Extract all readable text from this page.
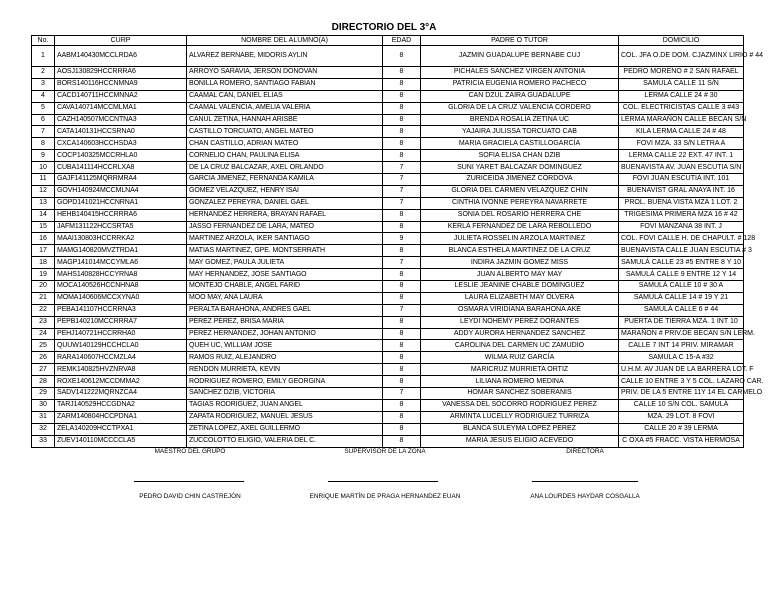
DIRECTORIO DEL 3°A
No.	CURP	NOMBRE DEL ALUMNO(A)	EDAD	PADRE O TUTOR	DOMICILIO
1	AABM140430MCCLRDA6	ALVAREZ BERNABE, MIDORIS AYLIN	8	JAZMIN GUADALUPE BERNABE CUJ	COL. JFA O.DE DOM. CJAZMINX LIRIO # 44
2	AOSJ130829HCCRRRA6	ARROYO SARAVIA, JERSON DONOVAN	8	PICHALES SANCHEZ VIRGEN ANTONIA	PEDRO MORENO # 2 SAN RAFAEL
3	BORS140116HCCNMNA9	BONILLA ROMERO, SANTIAGO FABIAN	8	PATRICIA EUGENIA ROMERO PACHECO	SAMULÁ CALLE 11 S/N
4	CACD140711HCCMNNA2	CAAMAL CAN, DANIEL ELIAS	8	CAN DZUL ZAIRA GUADALUPE	LERMA CALLE 24 # 30
5	CAVA140714MCCMLMA1	CAAMAL VALENCIA, AMELIA VALERIA	8	GLORIA DE LA CRUZ VALENCIA CORDERO	COL. ELECTRICISTAS CALLE 3 #43
6	CAZH140507MCCNTNA3	CANUL ZETINA, HANNAH ARISBE	8	BRENDA ROSALÍA ZETINA UC	LERMA MARAÑON CALLE BECAN S/N
7	CATA140131HCCSRNA0	CASTILLO TORCUATO, ANGEL MATEO	8	YAJAIRA JULISSA TORCUATO CAB	KILA LERMA CALLE 24 # 48
8	CXCA140603HCCHSDA3	CHAN CASTILLO, ADRIAN MATEO	8	MARIA GRACIELA CASTILLOGARCÍA	FOVI MZA. 33 S/N LETRA A
9	COCP140325MCCRHLA0	CORNELIO CHAN, PAULINA ELISA	8	SOFIA ELISA CHAN DZIB	LERMA CALLE 22 EXT. 47 INT. 1
10	CUBA141114HCCRLXA8	DE LA CRUZ BALCAZAR, AXEL ORLANDO	7	SUNI YARET BALCAZAR DOMINGUEZ	BUENAVISTA AV. JUAN ESCUTIA S/N
11	GAJF141125MQRRMRA4	GARCIA JIMENEZ, FERNANDA KAMILA	7	ZURICEIDA JIMENEZ CÓRDOVA	FOVI JUAN ESCUTIA INT. 101
12	GOVH140924MCCMLNA4	GOMEZ VELAZQUEZ, HENRY ISAI	7	GLORIA DEL CARMEN VELAZQUEZ CHIN	BUENAVIST GRAL ANAYA INT. 16
13	GOPD141021HCCNRNA1	GONZALEZ PEREYRA, DANIEL GAEL	7	CINTHIA IVONNE PEREYRA NAVARRETE	PROL. BUENA VISTA MZA 1 LOT. 2
14	HEHB140415HCCRRRA6	HERNANDEZ HERRERA, BRAYAN RAFAEL	8	SONIA DEL ROSARIO HERRERA CHE	TRIGESIMA PRIMERA MZA 16 # 42
15	JAFM131122HCCSRTA5	JASSO FERNANDEZ DE LARA, MATEO	8	KERLA FERNANDEZ DE LARA REBOLLEDO	FOVI MANZANA 38 INT. J
16	MAAI130803HCCRRKA2	MARTINEZ ARZOLA, IKER SANTIAGO	9	JULIETA ROSSELIN ARZOLA MARTINEZ	COL. FOVI CALLE H. DE CHAPULT. # 128
17	MAMG140820MVZTRDA1	MATIAS MARTINEZ, GPE. MONTSERRATH	8	BLANCA ESTHELA MARTINEZ DE LA CRUZ	BUENAVISTA CALLE JUAN ESCUTIA # 3
18	MAGP141014MCCYMLA6	MAY GOMEZ, PAULA JULIETA	7	INDIRA JAZMIN GOMEZ MISS	SAMULÁ CALLE 23 #5 ENTRE 8 Y 10
19	MAHS140828HCCYRNA8	MAY HERNANDEZ, JOSE SANTIAGO	8	JUAN ALBERTO MAY MAY	SAMULÁ CALLE 9 ENTRE 12 Y 14
20	MOCA140526HCCNHNA8	MONTEJO CHABLE, ANGEL FARID	8	LESLIE JEANINE CHABLE DOMINGUEZ	SAMULÁ CALLE 10 # 30 A
21	MOMA140606MCCXYNA0	MOO MAY, ANA LAURA	8	LAURA ELIZABETH MAY OLVERA	SAMULÁ CALLE 14 # 19 Y 21
22	PEBA141107HCCRRNA3	PERALTA BARAHONA, ANDRES GAEL	7	OSMARA VIRIDIANA BARAHONA AKÉ	SAMULÁ CALLE 6 # 44
23	PEPB140210MCCRRRA7	PEREZ PEREZ, BRISA MARIA	8	LEYDI NOHEMY PEREZ DORANTES	PUERTA DE TIERRA MZA. 1 INT 10
24	PEHJ140721HCCRRHA0	PÉREZ HERNÁNDEZ, JOHAN ANTONIO	8	ADDY AURORA HERNANDEZ SANCHEZ	MARAÑON # PRIV.DE BECAN S/N LERM.
25	QUUW140129HCCHCLA0	QUEH UC, WILLIAM JOSE	8	CAROLINA DEL CARMEN UC ZAMUDIO	CALLE 7 INT 14 PRIV. MIRAMAR
26	RARA140607HCCMZLA4	RAMOS RUIZ, ALEJANDRO	8	WILMA RUIZ GARCÍA	SAMULA C 15-A #32
27	REMK140825HVZNRVA8	RENDON MURRIETA, KEVIN	8	MARICRUZ MURRIETA ORTIZ	U.H.M. AV JUAN DE LA BARRERA LOT. F
28	ROXE140612MCCDMMA2	RODRIGUEZ ROMERO, EMILY GEORGINA	8	LILIANA ROMERO MEDINA	CALLE 10 ENTRE 3 Y 5 COL. LAZARO CAR.
29	SADV141222MQRNZCA4	SANCHEZ DZIB, VICTORIA	7	HOMAR SANCHEZ SOBERANIS	PRIV. DE LA 5 ENTRE 11Y 14 EL CARMELO
30	TARJ140529HCCGDNA2	TAGIAS RODRIGUEZ, JUAN ANGEL	8	VANESSA DEL SOCORRO RODRIGUEZ PEREZ	CALLE 10 S/N COL. SAMULÁ
31	ZARM140804HCCPDNA1	ZAPATA RODRIGUEZ, MANUEL JESUS	8	ARMINTA LUCELLY RODRIGUEZ TURRIZA	MZA. 29 LOT. 8 FOVI
32	ZELA140209HCCTPXA1	ZETINA LOPEZ, AXEL GUILLERMO	8	BLANCA SULEYMA LOPEZ PEREZ	CALLE 20 # 39 LERMA
33	ZUEV140110MCCCCLA5	ZUCCOLOTTO ELIGIO, VALERIA DEL C.	8	MARIA JESUS ELIGIO ACEVEDO	C OXA #5 FRACC. VISTA HERMOSA
MAESTRO DEL GRUPO	SUPERVISOR DE LA ZONA	DIRECTORA
PEDRO DAVID CHIN CASTREJÓN	ENRIQUE MARTÍN DE PRAGA HERNANDEZ EUAN	ANA LOURDES HAYDAR COSGALLA
